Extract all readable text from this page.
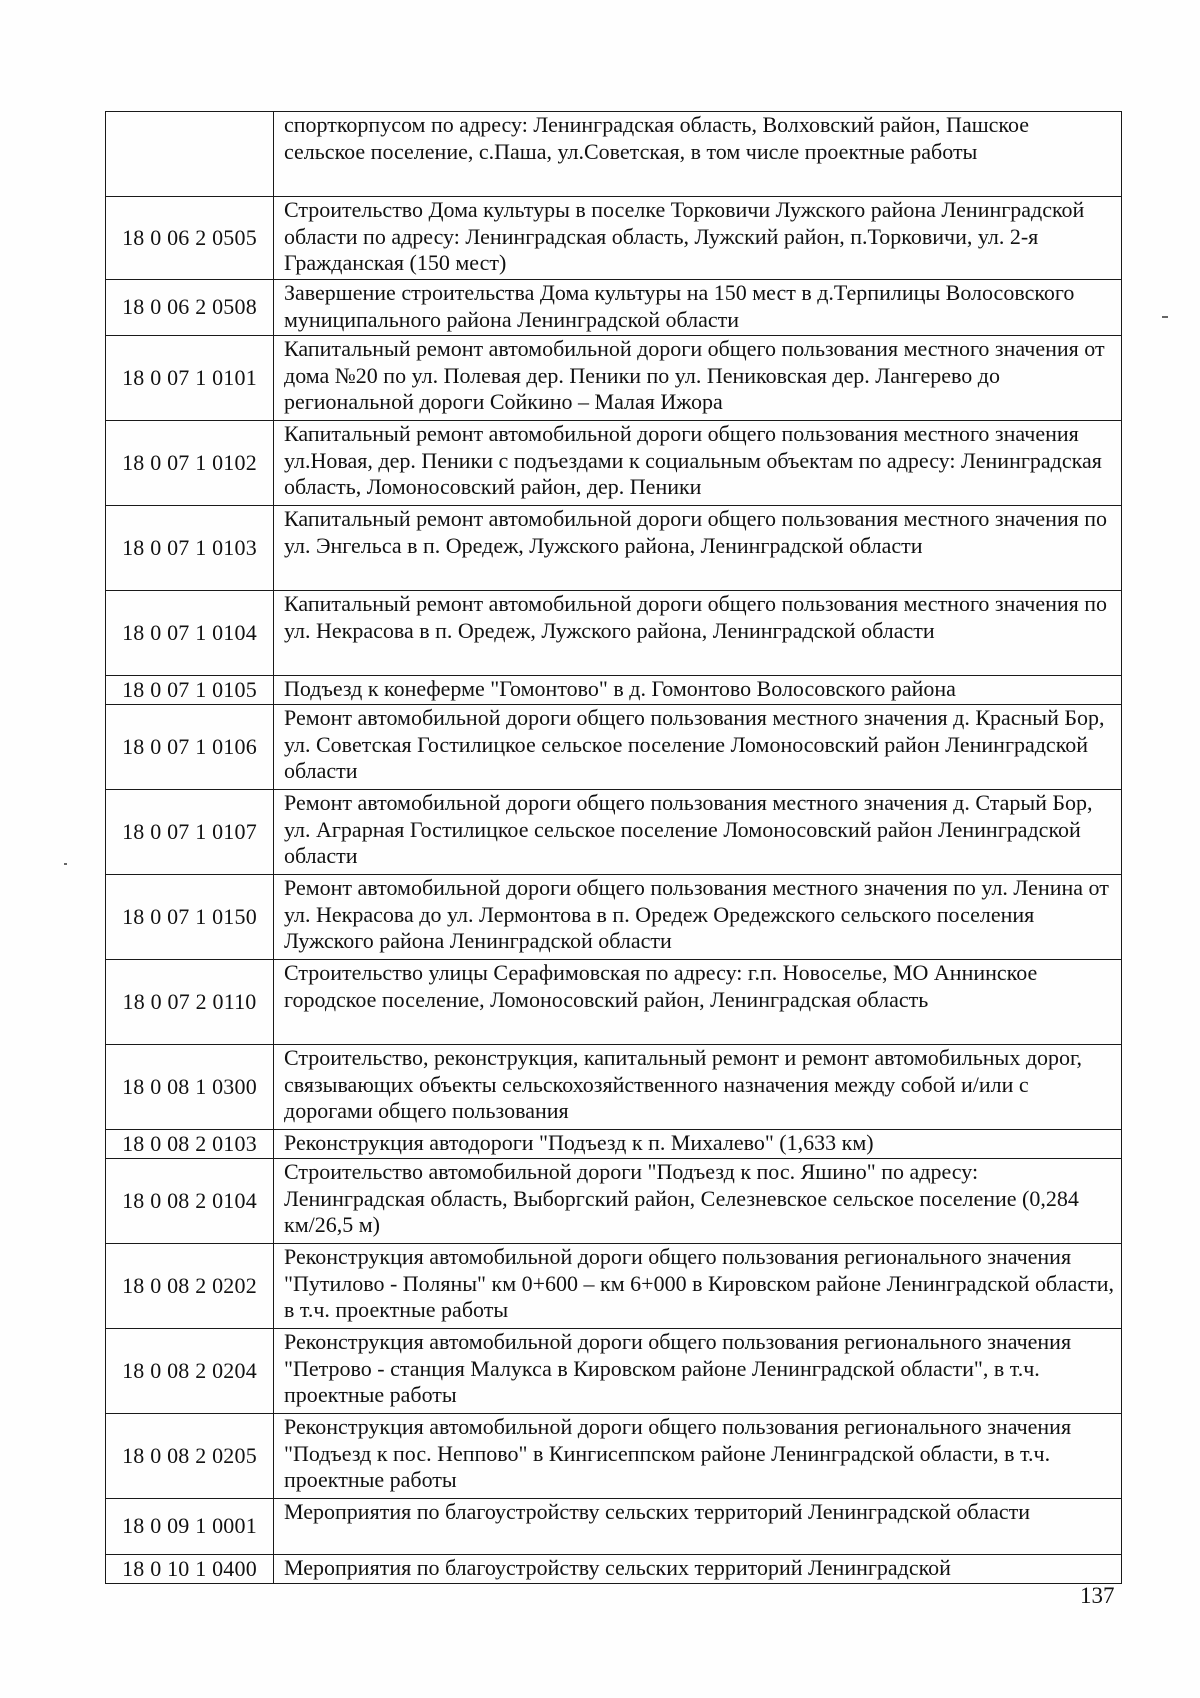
	спорткорпусом по адресу: Ленинградская область, Волховский район, Пашское сельское поселение, с.Паша, ул.Советская, в том числе проектные работы
18 0 06 2 0505	Строительство Дома культуры в поселке Торковичи Лужского района Ленинградской области по адресу: Ленинградская область, Лужский район, п.Торковичи, ул. 2-я Гражданская (150 мест)
18 0 06 2 0508	Завершение строительства Дома культуры на 150 мест в д.Терпилицы Волосовского муниципального района Ленинградской области
18 0 07 1 0101	Капитальный ремонт автомобильной дороги общего пользования местного значения от дома №20 по ул. Полевая дер. Пеники по ул. Пениковская дер. Лангерево до региональной дороги Сойкино – Малая Ижора
18 0 07 1 0102	Капитальный ремонт автомобильной дороги общего пользования местного значения ул.Новая, дер. Пеники с подъездами к социальным объектам по адресу: Ленинградская область, Ломоносовский район, дер. Пеники
18 0 07 1 0103	Капитальный ремонт автомобильной дороги общего пользования местного значения по ул. Энгельса в п. Оредеж, Лужского района, Ленинградской области
18 0 07 1 0104	Капитальный ремонт автомобильной дороги общего пользования местного значения по ул. Некрасова в п. Оредеж, Лужского района, Ленинградской области
18 0 07 1 0105	Подъезд к конеферме "Гомонтово" в д. Гомонтово Волосовского района
18 0 07 1 0106	Ремонт автомобильной дороги общего пользования местного значения д. Красный Бор, ул. Советская Гостилицкое сельское поселение Ломоносовский район Ленинградской области
18 0 07 1 0107	Ремонт автомобильной дороги общего пользования местного значения д. Старый Бор, ул. Аграрная Гостилицкое сельское поселение Ломоносовский район Ленинградской области
18 0 07 1 0150	Ремонт автомобильной дороги общего пользования местного значения по ул. Ленина от ул. Некрасова до ул. Лермонтова в п. Оредеж Оредежского сельского поселения Лужского района Ленинградской области
18 0 07 2 0110	Строительство улицы Серафимовская по адресу: г.п. Новоселье, МО Аннинское городское поселение, Ломоносовский район, Ленинградская область
18 0 08 1 0300	Строительство, реконструкция, капитальный ремонт и ремонт автомобильных дорог, связывающих объекты сельскохозяйственного назначения между собой и/или с дорогами общего пользования
18 0 08 2 0103	Реконструкция автодороги "Подъезд к п. Михалево" (1,633 км)
18 0 08 2 0104	Строительство автомобильной дороги "Подъезд к пос. Яшино" по адресу: Ленинградская область, Выборгский район, Селезневское сельское поселение (0,284 км/26,5 м)
18 0 08 2 0202	Реконструкция автомобильной дороги общего пользования регионального значения "Путилово - Поляны" км 0+600 – км 6+000 в Кировском районе Ленинградской области, в т.ч. проектные работы
18 0 08 2 0204	Реконструкция автомобильной дороги общего пользования регионального значения "Петрово - станция Малукса в Кировском районе Ленинградской области", в т.ч. проектные работы
18 0 08 2 0205	Реконструкция автомобильной дороги общего пользования регионального значения "Подъезд к пос. Неппово" в Кингисеппском районе Ленинградской области, в т.ч. проектные работы
18 0 09 1 0001	Мероприятия по благоустройству сельских территорий Ленинградской области
18 0 10 1 0400	Мероприятия по благоустройству сельских территорий Ленинградской
137
